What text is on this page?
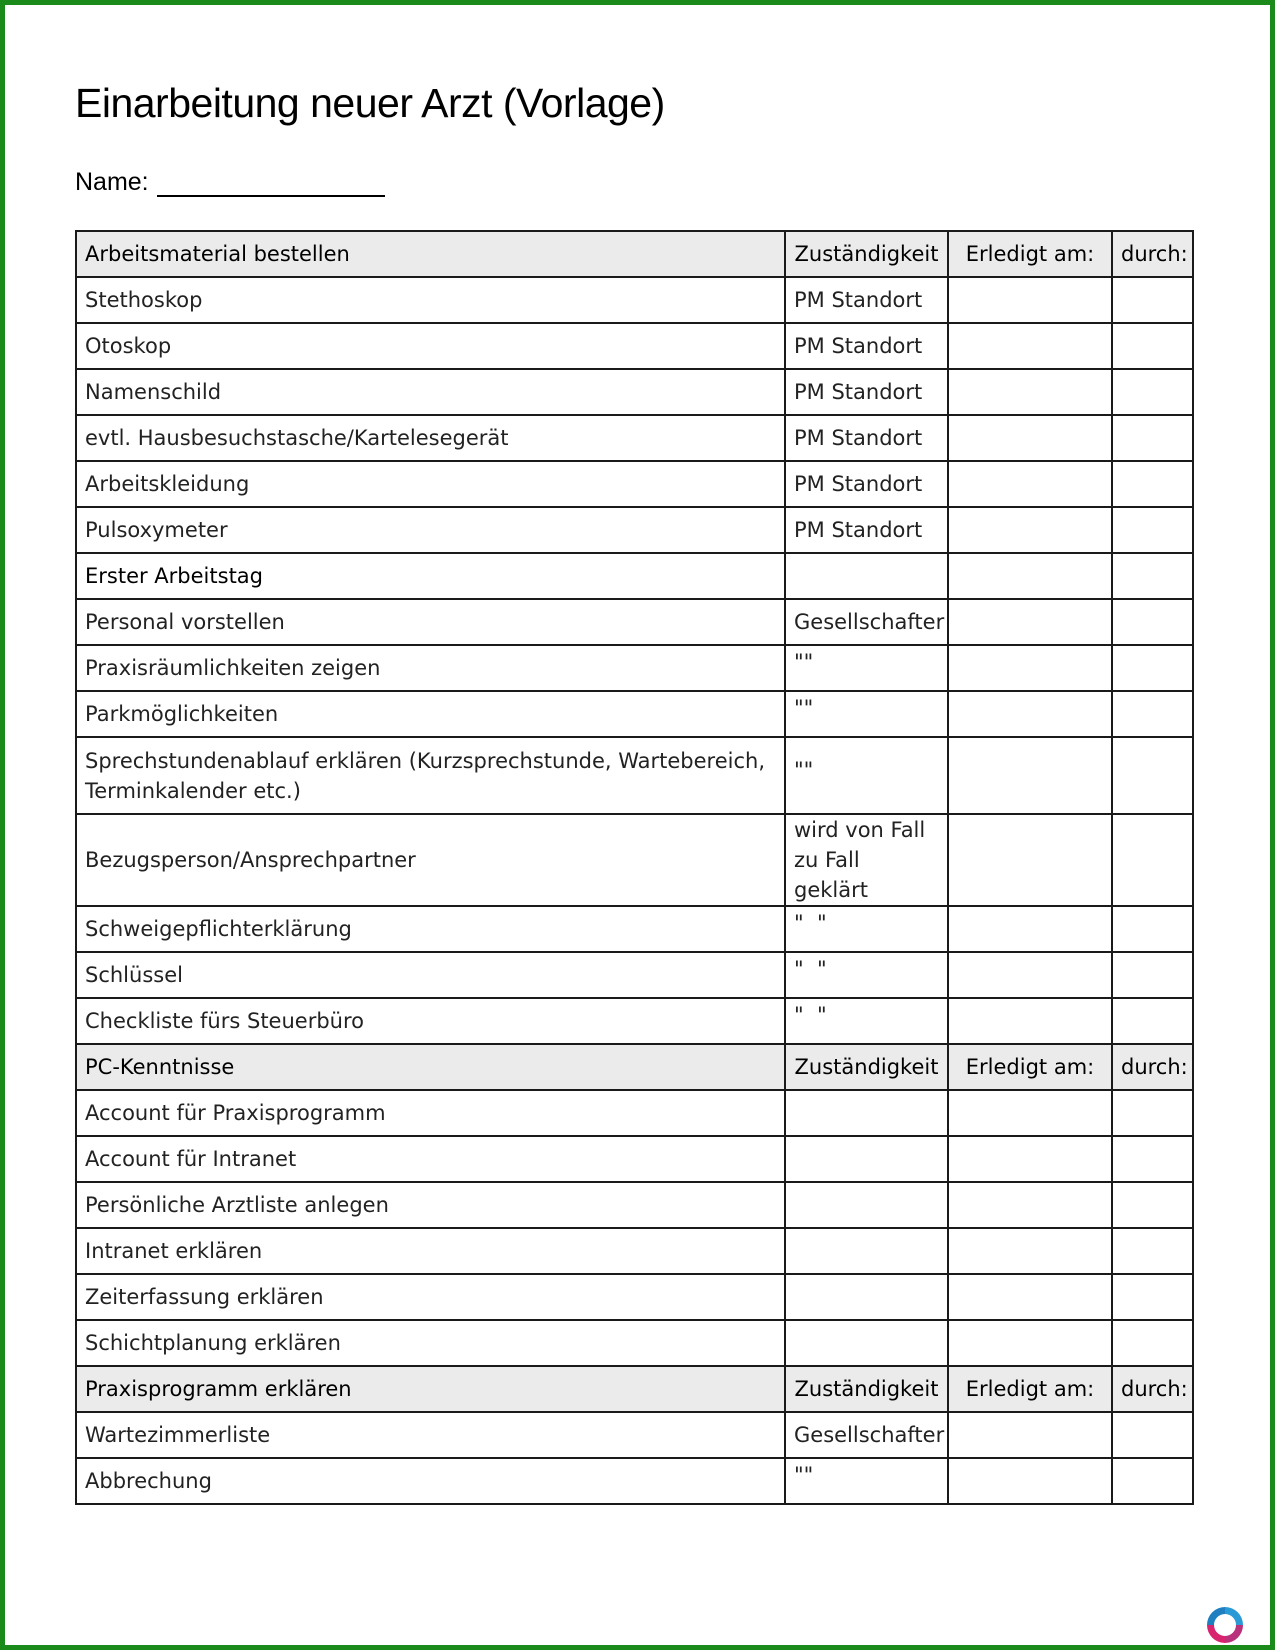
Einarbeitung neuer Arzt (Vorlage)
Name:
Arbeitsmaterial bestellen	Zuständigkeit	Erledigt am:	durch:
Stethoskop	PM Standort		
Otoskop	PM Standort		
Namenschild	PM Standort		
evtl. Hausbesuchstasche/Kartelesegerät	PM Standort		
Arbeitskleidung	PM Standort		
Pulsoxymeter	PM Standort		
Erster Arbeitstag			
Personal vorstellen	Gesellschafter		
Praxisräumlichkeiten zeigen	""		
Parkmöglichkeiten	""		
Sprechstundenablauf erklären (Kurzsprechstunde, Wartebereich, Terminkalender etc.)	""		
Bezugsperson/Ansprechpartner	wird von Fall zu Fall geklärt		
Schweigepflichterklärung	"  "		
Schlüssel	"  "		
Checkliste fürs Steuerbüro	"  "		
PC-Kenntnisse	Zuständigkeit	Erledigt am:	durch:
Account für Praxisprogramm			
Account für Intranet			
Persönliche Arztliste anlegen			
Intranet erklären			
Zeiterfassung erklären			
Schichtplanung erklären			
Praxisprogramm erklären	Zuständigkeit	Erledigt am:	durch:
Wartezimmerliste	Gesellschafter		
Abbrechung	""		
